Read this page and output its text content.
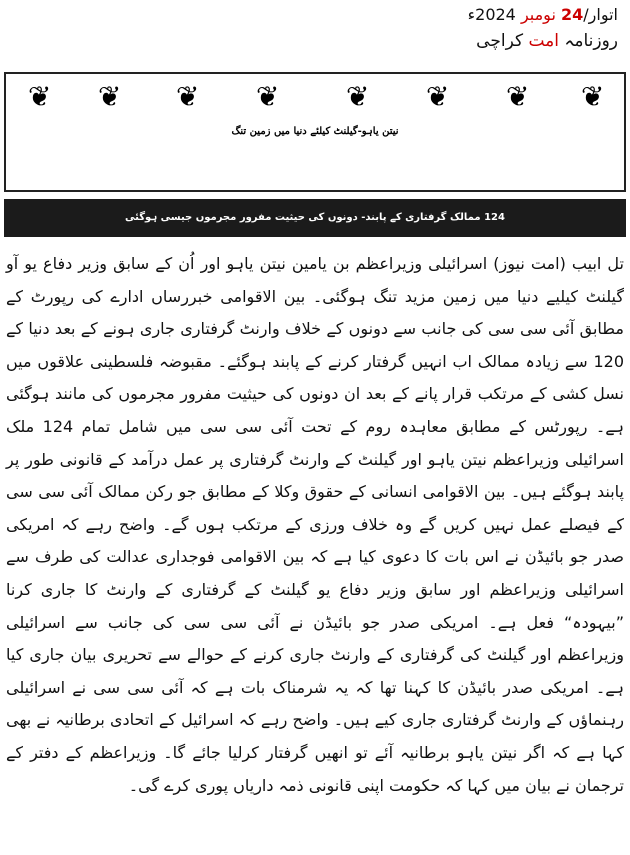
اتوار/24 نومبر 2024ء
روزنامہ امت کراچی
❦ ❦ ❦ ❦ ❦ ❦ ❦ ❦
نیتن یاہو-گیلنٹ کیلئے دنیا میں زمین تنگ
124 ممالک گرفتاری کے پابند- دونوں کی حیثیت مفرور مجرموں جیسی ہوگئی

تل ابیب (امت نیوز) اسرائیلی وزیراعظم بن یامین نیتن یاہو اور اُن کے سابق وزیر دفاع یو آو گیلنٹ کیلیے دنیا میں زمین مزید تنگ ہوگئی۔ بین الاقوامی خبررساں ادارے کی رپورٹ کے مطابق آئی سی سی کی جانب سے دونوں کے خلاف وارنٹ گرفتاری جاری ہونے کے بعد دنیا کے 120 سے زیادہ ممالک اب انہیں گرفتار کرنے کے پابند ہوگئے۔ مقبوضہ فلسطینی علاقوں میں نسل کشی کے مرتکب قرار پانے کے بعد ان دونوں کی حیثیت مفرور مجرموں کی مانند ہوگئی ہے۔ رپورٹس کے مطابق معاہدہ روم کے تحت آئی سی سی میں شامل تمام 124 ملک اسرائیلی وزیراعظم نیتن یاہو اور گیلنٹ کے وارنٹ گرفتاری پر عمل درآمد کے قانونی طور پر پابند ہوگئے ہیں۔ بین الاقوامی انسانی کے حقوق وکلا کے مطابق جو رکن ممالک آئی سی سی کے فیصلے عمل نہیں کریں گے وہ خلاف ورزی کے مرتکب ہوں گے۔ واضح رہے کہ امریکی صدر جو بائیڈن نے اس بات کا دعوی کیا ہے کہ بین الاقوامی فوجداری عدالت کی طرف سے اسرائیلی وزیراعظم اور سابق وزیر دفاع یو گیلنٹ کے گرفتاری کے وارنٹ کا جاری کرنا ”بیہودہ“ فعل ہے۔ امریکی صدر جو بائیڈن نے آئی سی سی کی جانب سے اسرائیلی وزیراعظم اور گیلنٹ کی گرفتاری کے وارنٹ جاری کرنے کے حوالے سے تحریری بیان جاری کیا ہے۔ امریکی صدر بائیڈن کا کہنا تھا کہ یہ شرمناک بات ہے کہ آئی سی سی نے اسرائیلی رہنماؤں کے وارنٹ گرفتاری جاری کیے ہیں۔ واضح رہے کہ اسرائیل کے اتحادی برطانیہ نے بھی کہا ہے کہ اگر نیتن یاہو برطانیہ آئے تو انھیں گرفتار کرلیا جائے گا۔ وزیراعظم کے دفتر کے ترجمان نے بیان میں کہا کہ حکومت اپنی قانونی ذمہ داریاں پوری کرے گی۔
